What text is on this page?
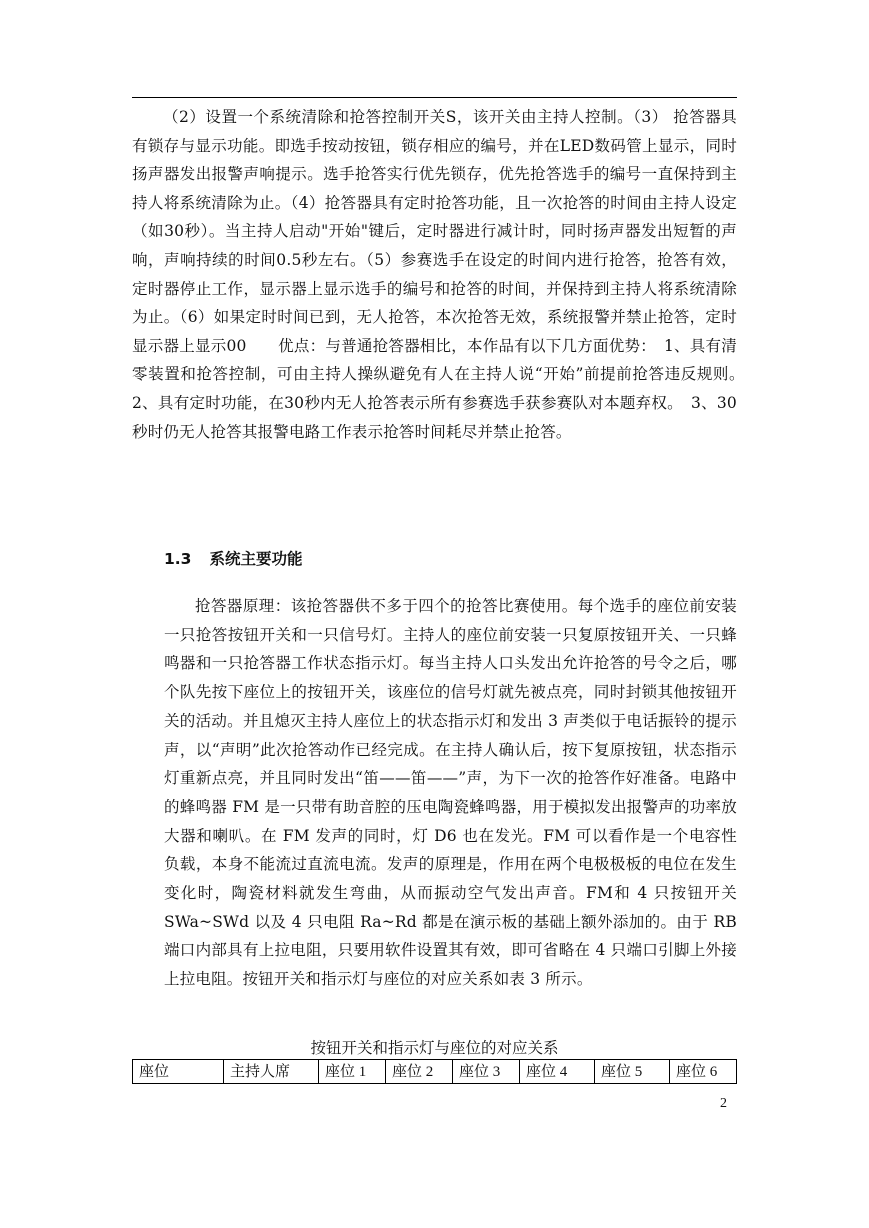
（2）设置一个系统清除和抢答控制开关S，该开关由主持人控制。（3） 抢答器具有锁存与显示功能。即选手按动按钮，锁存相应的编号，并在LED数码管上显示，同时扬声器发出报警声响提示。选手抢答实行优先锁存，优先抢答选手的编号一直保持到主持人将系统清除为止。（4）抢答器具有定时抢答功能，且一次抢答的时间由主持人设定（如30秒）。当主持人启动"开始"键后，定时器进行减计时，同时扬声器发出短暂的声响，声响持续的时间0.5秒左右。（5）参赛选手在设定的时间内进行抢答，抢答有效，定时器停止工作，显示器上显示选手的编号和抢答的时间，并保持到主持人将系统清除为止。（6）如果定时时间已到，无人抢答，本次抢答无效，系统报警并禁止抢答，定时显示器上显示00　　优点：与普通抢答器相比，本作品有以下几方面优势：　1、具有清零装置和抢答控制，可由主持人操纵避免有人在主持人说“开始”前提前抢答违反规则。　2、具有定时功能，在30秒内无人抢答表示所有参赛选手获参赛队对本题弃权。　3、30秒时仍无人抢答其报警电路工作表示抢答时间耗尽并禁止抢答。

1.3 系统主要功能

抢答器原理：该抢答器供不多于四个的抢答比赛使用。每个选手的座位前安装一只抢答按钮开关和一只信号灯。主持人的座位前安装一只复原按钮开关、一只蜂鸣器和一只抢答器工作状态指示灯。每当主持人口头发出允许抢答的号令之后，哪个队先按下座位上的按钮开关，该座位的信号灯就先被点亮，同时封锁其他按钮开关的活动。并且熄灭主持人座位上的状态指示灯和发出 3 声类似于电话振铃的提示声，以“声明”此次抢答动作已经完成。在主持人确认后，按下复原按钮，状态指示灯重新点亮，并且同时发出“笛——笛——”声，为下一次的抢答作好准备。电路中的蜂鸣器 FM 是一只带有助音腔的压电陶瓷蜂鸣器，用于模拟发出报警声的功率放大器和喇叭。在 FM 发声的同时，灯 D6 也在发光。FM 可以看作是一个电容性负载，本身不能流过直流电流。发声的原理是，作用在两个电极极板的电位在发生变化时，陶瓷材料就发生弯曲，从而振动空气发出声音。FM和 4 只按钮开关 SWa~SWd 以及 4 只电阻 Ra~Rd 都是在演示板的基础上额外添加的。由于 RB 端口内部具有上拉电阻，只要用软件设置其有效，即可省略在 4 只端口引脚上外接上拉电阻。按钮开关和指示灯与座位的对应关系如表 3 所示。

按钮开关和指示灯与座位的对应关系

座位	主持人席	座位 1	座位 2	座位 3	座位 4	座位 5	座位 6
2
